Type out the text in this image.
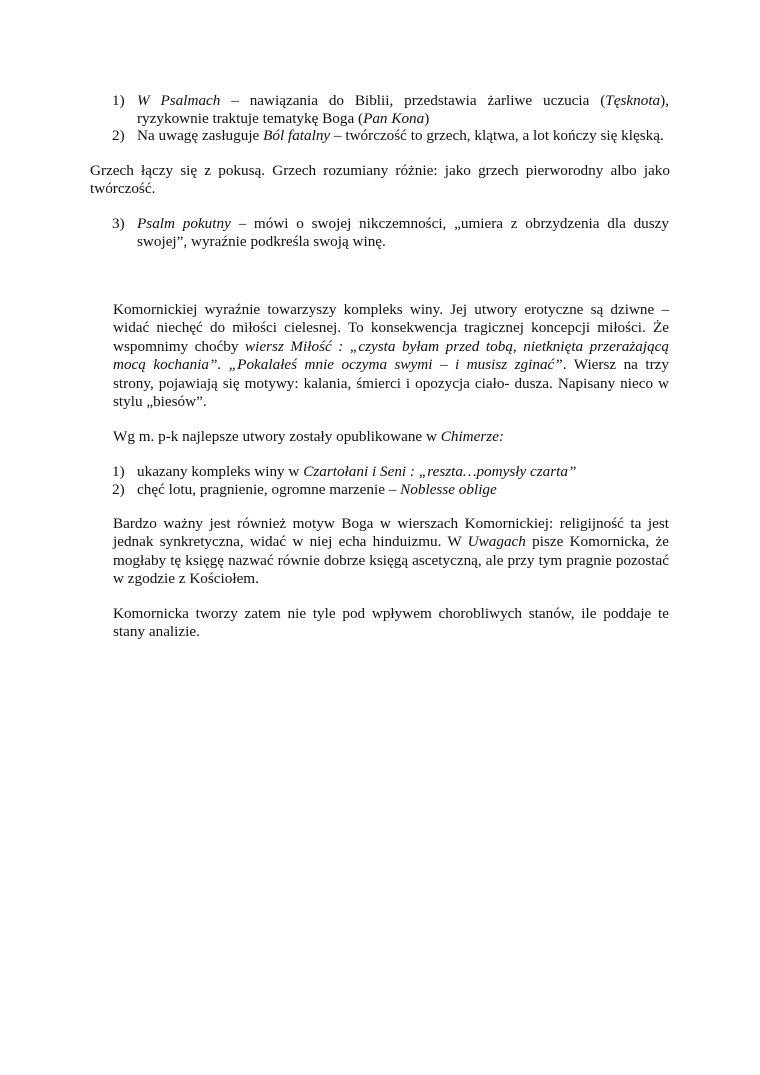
1) W Psalmach – nawiązania do Biblii, przedstawia żarliwe uczucia (Tęsknota), ryzykownie traktuje tematykę Boga (Pan Kona)
2) Na uwagę zasługuje Ból fatalny – twórczość to grzech, klątwa, a lot kończy się klęską.

Grzech łączy się z pokusą. Grzech rozumiany różnie: jako grzech pierworodny albo jako twórczość.

3) Psalm pokutny – mówi o swojej nikczemności, „umiera z obrzydzenia dla duszy swojej”, wyraźnie podkreśla swoją winę.

Komornickiej wyraźnie towarzyszy kompleks winy. Jej utwory erotyczne są dziwne – widać niechęć do miłości cielesnej. To konsekwencja tragicznej koncepcji miłości. Że wspomnimy choćby wiersz Miłość : „czysta byłam przed tobą, nietknięta przerażającą mocą kochania”. „Pokalałeś mnie oczyma swymi – i musisz zginać”. Wiersz na trzy strony, pojawiają się motywy: kalania, śmierci i opozycja ciało- dusza. Napisany nieco w stylu „biesów”.

Wg m. p-k najlepsze utwory zostały opublikowane w Chimerze:

1) ukazany kompleks winy w Czartołani i Seni : „reszta…pomysły czarta”
2) chęć lotu, pragnienie, ogromne marzenie – Noblesse oblige

Bardzo ważny jest również motyw Boga w wierszach Komornickiej: religijność ta jest jednak synkretyczna, widać w niej echa hinduizmu. W Uwagach pisze Komornicka, że mogłaby tę księgę nazwać równie dobrze księgą ascetyczną, ale przy tym pragnie pozostać w zgodzie z Kościołem.

Komornicka tworzy zatem nie tyle pod wpływem chorobliwych stanów, ile poddaje te stany analizie.
